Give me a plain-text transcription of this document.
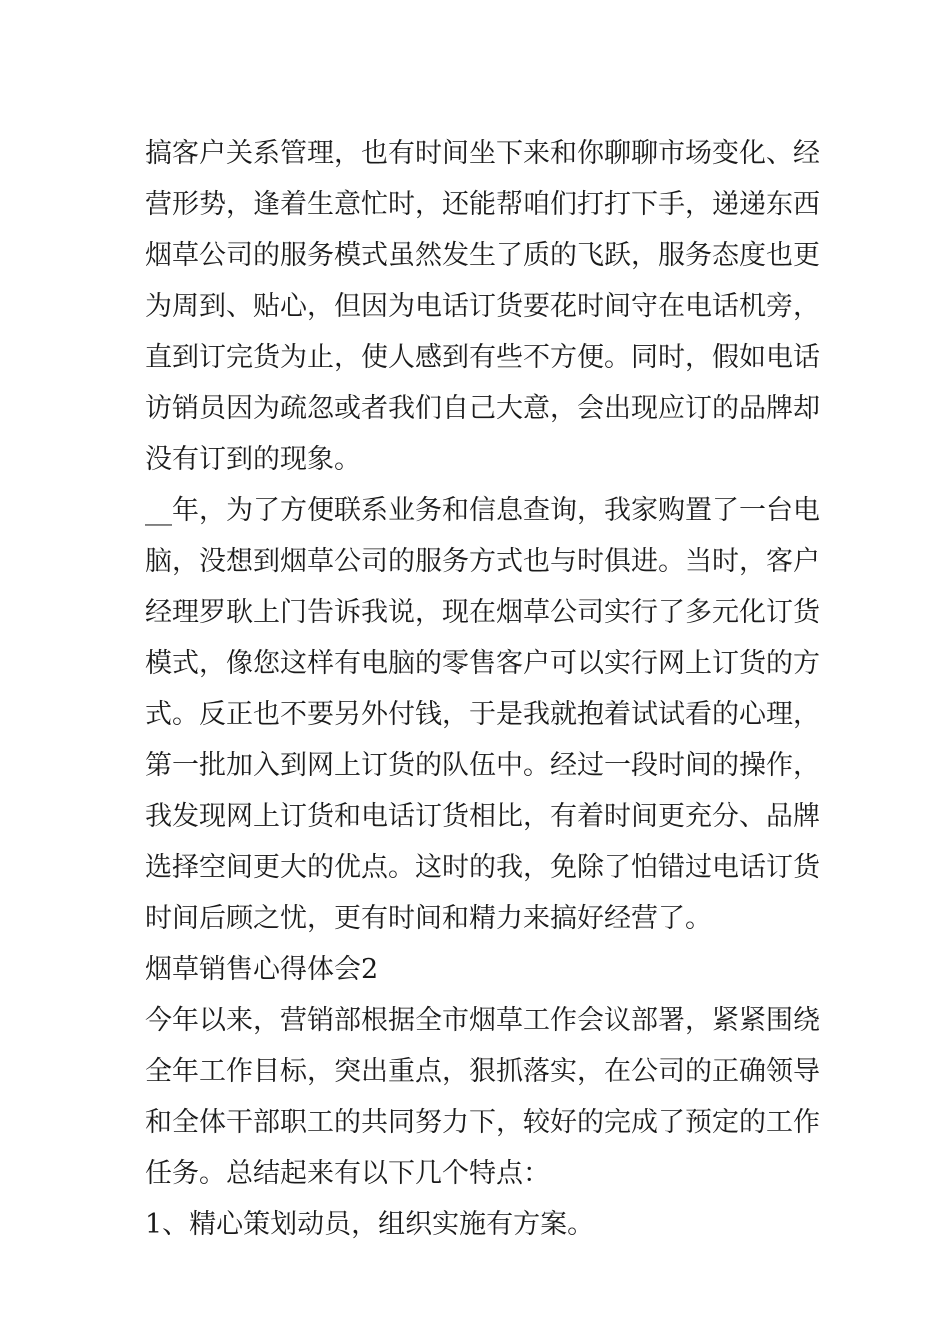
搞客户关系管理，也有时间坐下来和你聊聊市场变化、经
营形势，逢着生意忙时，还能帮咱们打打下手，递递东西
烟草公司的服务模式虽然发生了质的飞跃，服务态度也更
为周到、贴心，但因为电话订货要花时间守在电话机旁，
直到订完货为止，使人感到有些不方便。同时，假如电话
访销员因为疏忽或者我们自己大意，会出现应订的品牌却
没有订到的现象。
__年，为了方便联系业务和信息查询，我家购置了一台电
脑，没想到烟草公司的服务方式也与时俱进。当时，客户
经理罗耿上门告诉我说，现在烟草公司实行了多元化订货
模式，像您这样有电脑的零售客户可以实行网上订货的方
式。反正也不要另外付钱，于是我就抱着试试看的心理，
第一批加入到网上订货的队伍中。经过一段时间的操作，
我发现网上订货和电话订货相比，有着时间更充分、品牌
选择空间更大的优点。这时的我，免除了怕错过电话订货
时间后顾之忧，更有时间和精力来搞好经营了。
烟草销售心得体会2
今年以来，营销部根据全市烟草工作会议部署，紧紧围绕
全年工作目标，突出重点，狠抓落实，在公司的正确领导
和全体干部职工的共同努力下，较好的完成了预定的工作
任务。总结起来有以下几个特点：
1、精心策划动员，组织实施有方案。
